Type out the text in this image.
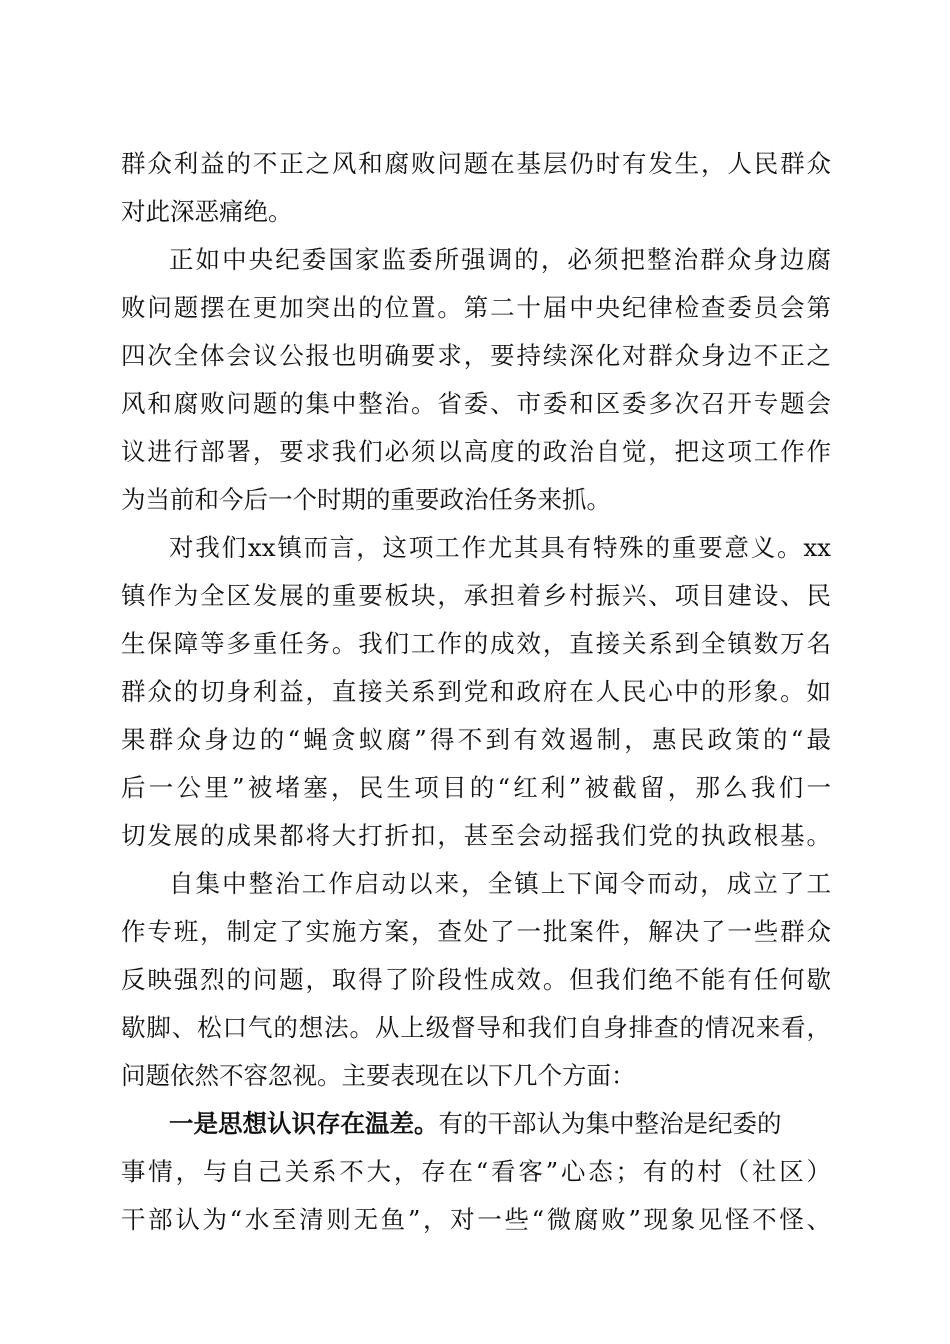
群众利益的不正之风和腐败问题在基层仍时有发生，人民群众
对此深恶痛绝。
正如中央纪委国家监委所强调的，必须把整治群众身边腐
败问题摆在更加突出的位置。第二十届中央纪律检查委员会第
四次全体会议公报也明确要求，要持续深化对群众身边不正之
风和腐败问题的集中整治。省委、市委和区委多次召开专题会
议进行部署，要求我们必须以高度的政治自觉，把这项工作作
为当前和今后一个时期的重要政治任务来抓。
对我们xx镇而言，这项工作尤其具有特殊的重要意义。xx
镇作为全区发展的重要板块，承担着乡村振兴、项目建设、民
生保障等多重任务。我们工作的成效，直接关系到全镇数万名
群众的切身利益，直接关系到党和政府在人民心中的形象。如
果群众身边的“蝇贪蚁腐”得不到有效遏制，惠民政策的“最
后一公里”被堵塞，民生项目的“红利”被截留，那么我们一
切发展的成果都将大打折扣，甚至会动摇我们党的执政根基。
自集中整治工作启动以来，全镇上下闻令而动，成立了工
作专班，制定了实施方案，查处了一批案件，解决了一些群众
反映强烈的问题，取得了阶段性成效。但我们绝不能有任何歇
歇脚、松口气的想法。从上级督导和我们自身排查的情况来看，
问题依然不容忽视。主要表现在以下几个方面：
一是思想认识存在温差。有的干部认为集中整治是纪委的
事情，与自己关系不大，存在“看客”心态；有的村（社区）
干部认为“水至清则无鱼”，对一些“微腐败”现象见怪不怪、
